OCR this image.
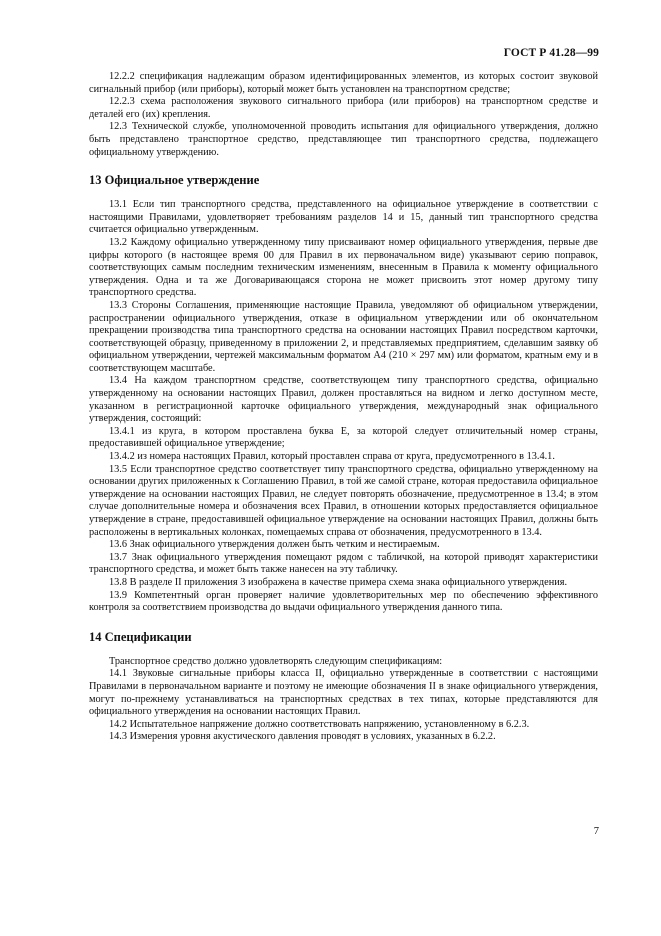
ГОСТ Р 41.28—99

12.2.2 спецификация надлежащим образом идентифицированных элементов, из которых состоит звуковой сигнальный прибор (или приборы), который может быть установлен на транспортном средстве;

12.2.3 схема расположения звукового сигнального прибора (или приборов) на транспортном средстве и деталей его (их) крепления.

12.3 Технической службе, уполномоченной проводить испытания для официального утверждения, должно быть представлено транспортное средство, представляющее тип транспортного средства, подлежащего официальному утверждению.

13 Официальное утверждение

13.1 Если тип транспортного средства, представленного на официальное утверждение в соответствии с настоящими Правилами, удовлетворяет требованиям разделов 14 и 15, данный тип транспортного средства считается официально утвержденным.

13.2 Каждому официально утвержденному типу присваивают номер официального утверждения, первые две цифры которого (в настоящее время 00 для Правил в их первоначальном виде) указывают серию поправок, соответствующих самым последним техническим изменениям, внесенным в Правила к моменту официального утверждения. Одна и та же Договаривающаяся сторона не может присвоить этот номер другому типу транспортного средства.

13.3 Стороны Соглашения, применяющие настоящие Правила, уведомляют об официальном утверждении, распространении официального утверждения, отказе в официальном утверждении или об окончательном прекращении производства типа транспортного средства на основании настоящих Правил посредством карточки, соответствующей образцу, приведенному в приложении 2, и представляемых предприятием, сделавшим заявку об официальном утверждении, чертежей максимальным форматом А4 (210 × 297 мм) или форматом, кратным ему и в соответствующем масштабе.

13.4 На каждом транспортном средстве, соответствующем типу транспортного средства, официально утвержденному на основании настоящих Правил, должен проставляться на видном и легко доступном месте, указанном в регистрационной карточке официального утверждения, международный знак официального утверждения, состоящий:

13.4.1 из круга, в котором проставлена буква Е, за которой следует отличительный номер страны, предоставившей официальное утверждение;

13.4.2 из номера настоящих Правил, который проставлен справа от круга, предусмотренного в 13.4.1.

13.5 Если транспортное средство соответствует типу транспортного средства, официально утвержденному на основании других приложенных к Соглашению Правил, в той же самой стране, которая предоставила официальное утверждение на основании настоящих Правил, не следует повторять обозначение, предусмотренное в 13.4; в этом случае дополнительные номера и обозначения всех Правил, в отношении которых предоставляется официальное утверждение в стране, предоставившей официальное утверждение на основании настоящих Правил, должны быть расположены в вертикальных колонках, помещаемых справа от обозначения, предусмотренного в 13.4.

13.6 Знак официального утверждения должен быть четким и нестираемым.

13.7 Знак официального утверждения помещают рядом с табличкой, на которой приводят характеристики транспортного средства, и может быть также нанесен на эту табличку.

13.8 В разделе II приложения 3 изображена в качестве примера схема знака официального утверждения.

13.9 Компетентный орган проверяет наличие удовлетворительных мер по обеспечению эффективного контроля за соответствием производства до выдачи официального утверждения данного типа.

14 Спецификации

Транспортное средство должно удовлетворять следующим спецификациям:

14.1 Звуковые сигнальные приборы класса II, официально утвержденные в соответствии с настоящими Правилами в первоначальном варианте и поэтому не имеющие обозначения II в знаке официального утверждения, могут по-прежнему устанавливаться на транспортных средствах в тех типах, которые представляются для официального утверждения на основании настоящих Правил.

14.2 Испытательное напряжение должно соответствовать напряжению, установленному в 6.2.3.

14.3 Измерения уровня акустического давления проводят в условиях, указанных в 6.2.2.

7
